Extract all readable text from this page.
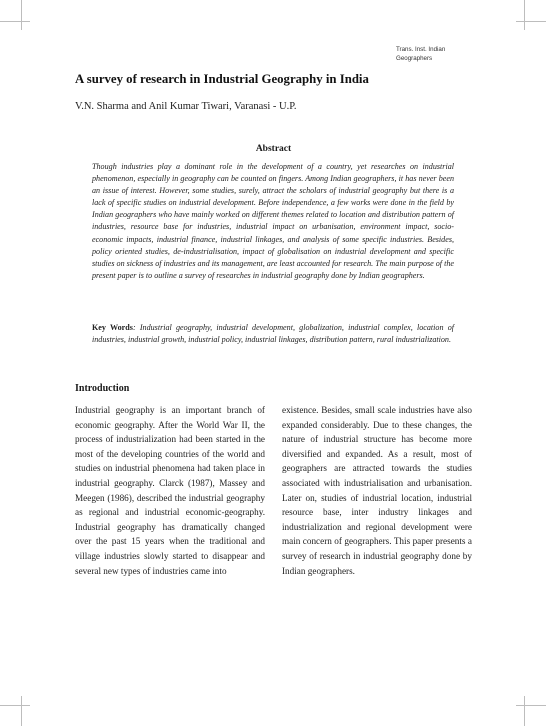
Trans. Inst. Indian
Geographers
A survey of research in Industrial Geography in India
V.N. Sharma and Anil Kumar Tiwari, Varanasi - U.P.
Abstract

Though industries play a dominant role in the development of a country, yet researches on industrial phenomenon, especially in geography can be counted on fingers. Among Indian geographers, it has never been an issue of interest. However, some studies, surely, attract the scholars of industrial geography but there is a lack of specific studies on industrial development. Before independence, a few works were done in the field by Indian geographers who have mainly worked on different themes related to location and distribution pattern of industries, resource base for industries, industrial impact on urbanisation, environment impact, socio-economic impacts, industrial finance, industrial linkages, and analysis of some specific industries. Besides, policy oriented studies, de-industrialisation, impact of globalisation on industrial development and specific studies on sickness of industries and its management, are least accounted for research. The main purpose of the present paper is to outline a survey of researches in industrial geography done by Indian geographers.

Key Words: Industrial geography, industrial development, globalization, industrial complex, location of industries, industrial growth, industrial policy, industrial linkages, distribution pattern, rural industrialization.

Introduction

Industrial geography is an important branch of economic geography. After the World War II, the process of industrialization had been started in the most of the developing countries of the world and studies on industrial phenomena had taken place in industrial geography. Clarck (1987), Massey and Meegen (1986), described the industrial geography as regional and industrial economic-geography. Industrial geography has dramatically changed over the past 15 years when the traditional and village industries slowly started to disappear and several new types of industries came into

existence. Besides, small scale industries have also expanded considerably. Due to these changes, the nature of industrial structure has become more diversified and expanded. As a result, most of geographers are attracted towards the studies associated with industrialisation and urbanisation. Later on, studies of industrial location, industrial resource base, inter industry linkages and industrialization and regional development were main concern of geographers. This paper presents a survey of research in industrial geography done by Indian geographers.
